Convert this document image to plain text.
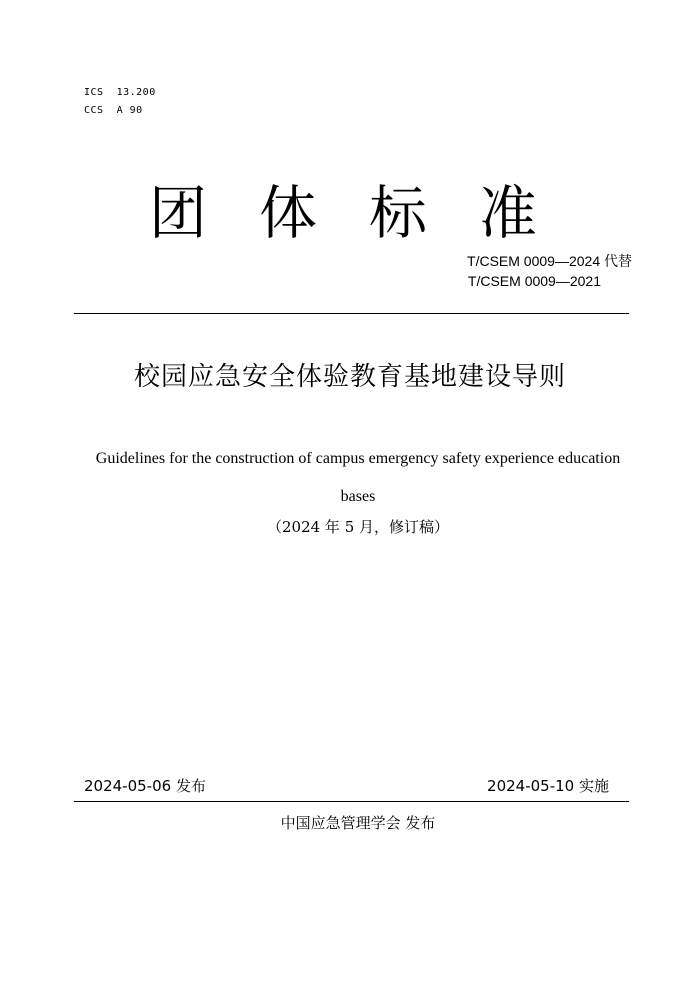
ICS  13.200
CCS  A 90
团体标准
T/CSEM 0009—2024 代替
T/CSEM 0009—2021
校园应急安全体验教育基地建设导则
Guidelines for the construction of campus emergency safety experience education bases
（2024 年 5 月，修订稿）
2024-05-06 发布	2024-05-10 实施
中国应急管理学会 发布
